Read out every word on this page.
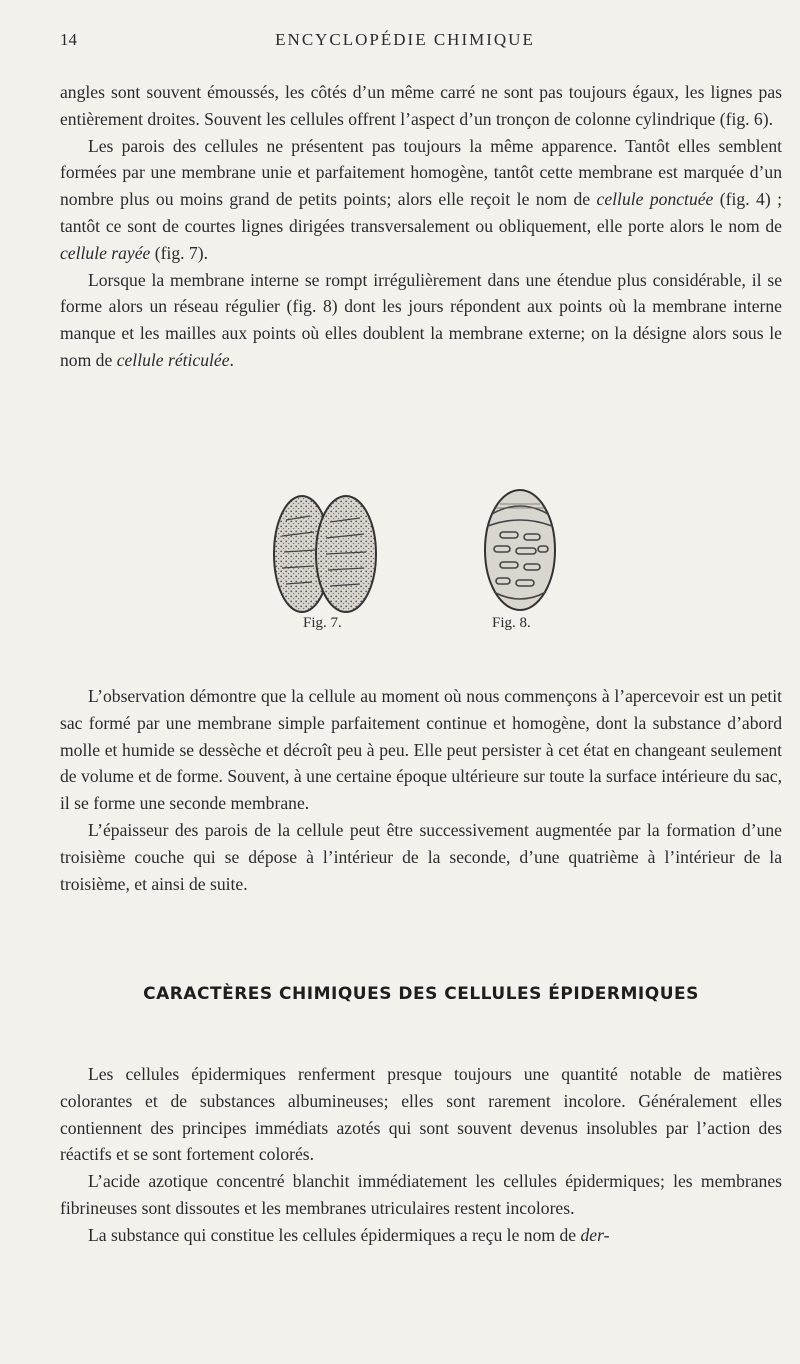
14	ENCYCLOPÉDIE CHIMIQUE

angles sont souvent émoussés, les côtés d’un même carré ne sont pas toujours égaux, les lignes pas entièrement droites. Souvent les cellules offrent l’aspect d’un tronçon de colonne cylindrique (fig. 6).

Les parois des cellules ne présentent pas toujours la même apparence. Tantôt elles semblent formées par une membrane unie et parfaitement homogène, tantôt cette membrane est marquée d’un nombre plus ou moins grand de petits points; alors elle reçoit le nom de cellule ponctuée (fig. 4) ; tantôt ce sont de courtes lignes dirigées transversalement ou obliquement, elle porte alors le nom de cellule rayée (fig. 7).

Lorsque la membrane interne se rompt irrégulièrement dans une étendue plus considérable, il se forme alors un réseau régulier (fig. 8) dont les jours répondent aux points où la membrane interne manque et les mailles aux points où elles doublent la membrane externe; on la désigne alors sous le nom de cellule réticulée.

Fig. 7.	Fig. 8.

L’observation démontre que la cellule au moment où nous commençons à l’apercevoir est un petit sac formé par une membrane simple parfaitement continue et homogène, dont la substance d’abord molle et humide se dessèche et décroît peu à peu. Elle peut persister à cet état en changeant seulement de volume et de forme. Souvent, à une certaine époque ultérieure sur toute la surface intérieure du sac, il se forme une seconde membrane.

L’épaisseur des parois de la cellule peut être successivement augmentée par la formation d’une troisième couche qui se dépose à l’intérieur de la seconde, d’une quatrième à l’intérieur de la troisième, et ainsi de suite.

CARACTÈRES CHIMIQUES DES CELLULES ÉPIDERMIQUES

Les cellules épidermiques renferment presque toujours une quantité notable de matières colorantes et de substances albumineuses; elles sont rarement incolore. Généralement elles contiennent des principes immédiats azotés qui sont souvent devenus insolubles par l’action des réactifs et se sont fortement colorés.

L’acide azotique concentré blanchit immédiatement les cellules épidermiques; les membranes fibrineuses sont dissoutes et les membranes utriculaires restent incolores.

La substance qui constitue les cellules épidermiques a reçu le nom de der-
